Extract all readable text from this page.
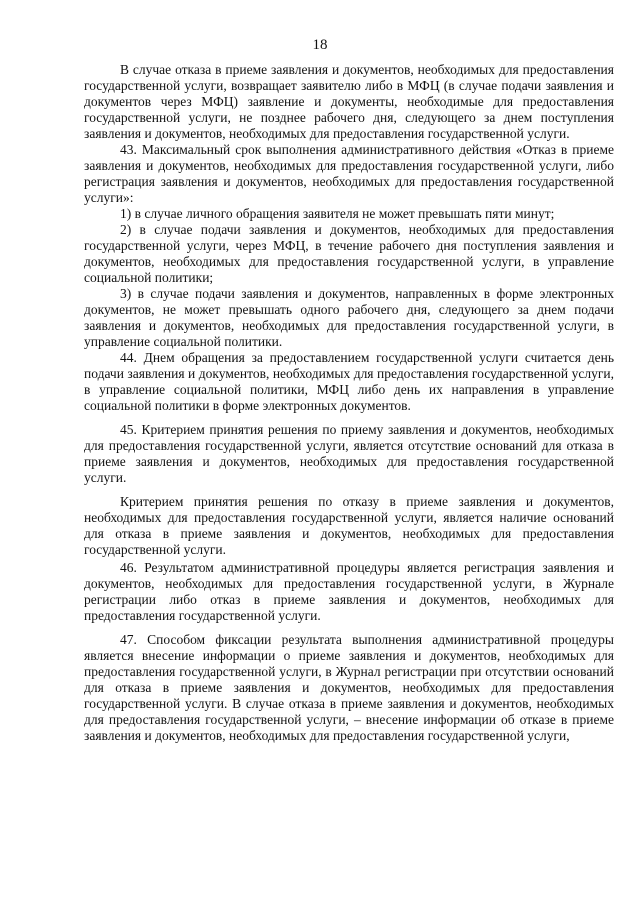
18

В случае отказа в приеме заявления и документов, необходимых для предоставления государственной услуги, возвращает заявителю либо в МФЦ (в случае подачи заявления и документов через МФЦ) заявление и документы, необходимые для предоставления государственной услуги, не позднее рабочего дня, следующего за днем поступления заявления и документов, необходимых для предоставления государственной услуги.

43. Максимальный срок выполнения административного действия «Отказ в приеме заявления и документов, необходимых для предоставления государственной услуги, либо регистрация заявления и документов, необходимых для предоставления государственной услуги»:

1) в случае личного обращения заявителя не может превышать пяти минут;

2) в случае подачи заявления и документов, необходимых для предоставления государственной услуги, через МФЦ, в течение рабочего дня поступления заявления и документов, необходимых для предоставления государственной услуги, в управление социальной политики;

3) в случае подачи заявления и документов, направленных в форме электронных документов, не может превышать одного рабочего дня, следующего за днем подачи заявления и документов, необходимых для предоставления государственной услуги, в управление социальной политики.

44. Днем обращения за предоставлением государственной услуги считается день подачи заявления и документов, необходимых для предоставления государственной услуги, в управление социальной политики, МФЦ либо день их направления в управление социальной политики в форме электронных документов.

45. Критерием принятия решения по приему заявления и документов, необходимых для предоставления государственной услуги, является отсутствие оснований для отказа в приеме заявления и документов, необходимых для предоставления государственной услуги.

Критерием принятия решения по отказу в приеме заявления и документов, необходимых для предоставления государственной услуги, является наличие оснований для отказа в приеме заявления и документов, необходимых для предоставления государственной услуги.

46. Результатом административной процедуры является регистрация заявления и документов, необходимых для предоставления государственной услуги, в Журнале регистрации либо отказ в приеме заявления и документов, необходимых для предоставления государственной услуги.

47. Способом фиксации результата выполнения административной процедуры является внесение информации о приеме заявления и документов, необходимых для предоставления государственной услуги, в Журнал регистрации при отсутствии оснований для отказа в приеме заявления и документов, необходимых для предоставления государственной услуги. В случае отказа в приеме заявления и документов, необходимых для предоставления государственной услуги, – внесение информации об отказе в приеме заявления и документов, необходимых для предоставления государственной услуги,
